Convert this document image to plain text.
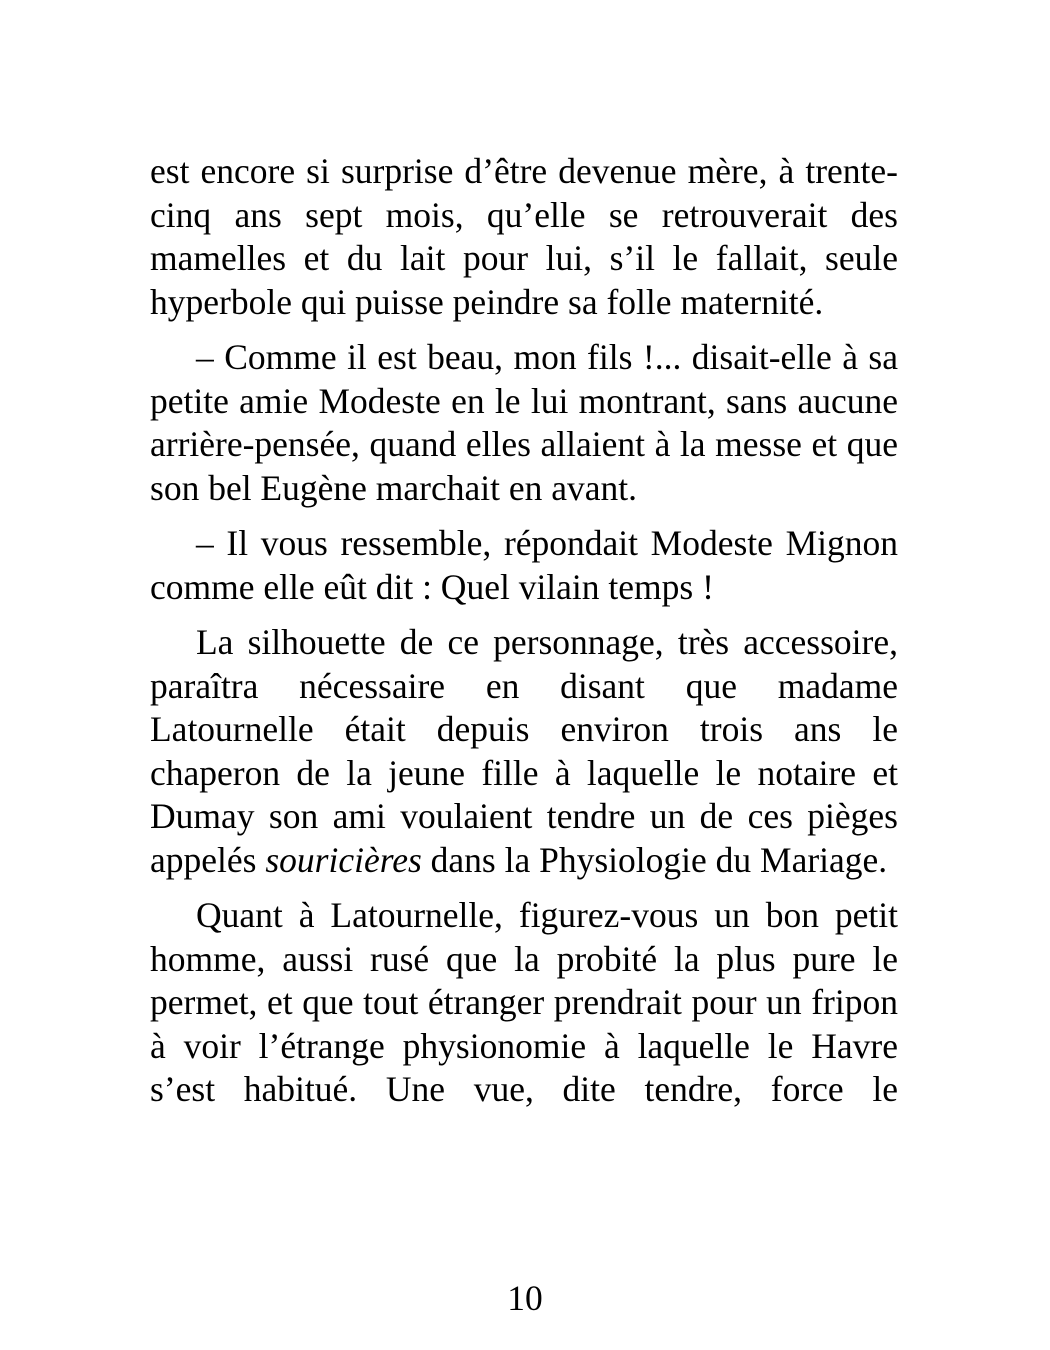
est encore si surprise d’être devenue mère, à trente-cinq ans sept mois, qu’elle se retrouverait des mamelles et du lait pour lui, s’il le fallait, seule hyperbole qui puisse peindre sa folle maternité.

– Comme il est beau, mon fils !... disait-elle à sa petite amie Modeste en le lui montrant, sans aucune arrière-pensée, quand elles allaient à la messe et que son bel Eugène marchait en avant.

– Il vous ressemble, répondait Modeste Mignon comme elle eût dit : Quel vilain temps !

La silhouette de ce personnage, très accessoire, paraîtra nécessaire en disant que madame Latournelle était depuis environ trois ans le chaperon de la jeune fille à laquelle le notaire et Dumay son ami voulaient tendre un de ces pièges appelés souricières dans la Physiologie du Mariage.

Quant à Latournelle, figurez-vous un bon petit homme, aussi rusé que la probité la plus pure le permet, et que tout étranger prendrait pour un fripon à voir l’étrange physionomie à laquelle le Havre s’est habitué. Une vue, dite tendre, force le

10
